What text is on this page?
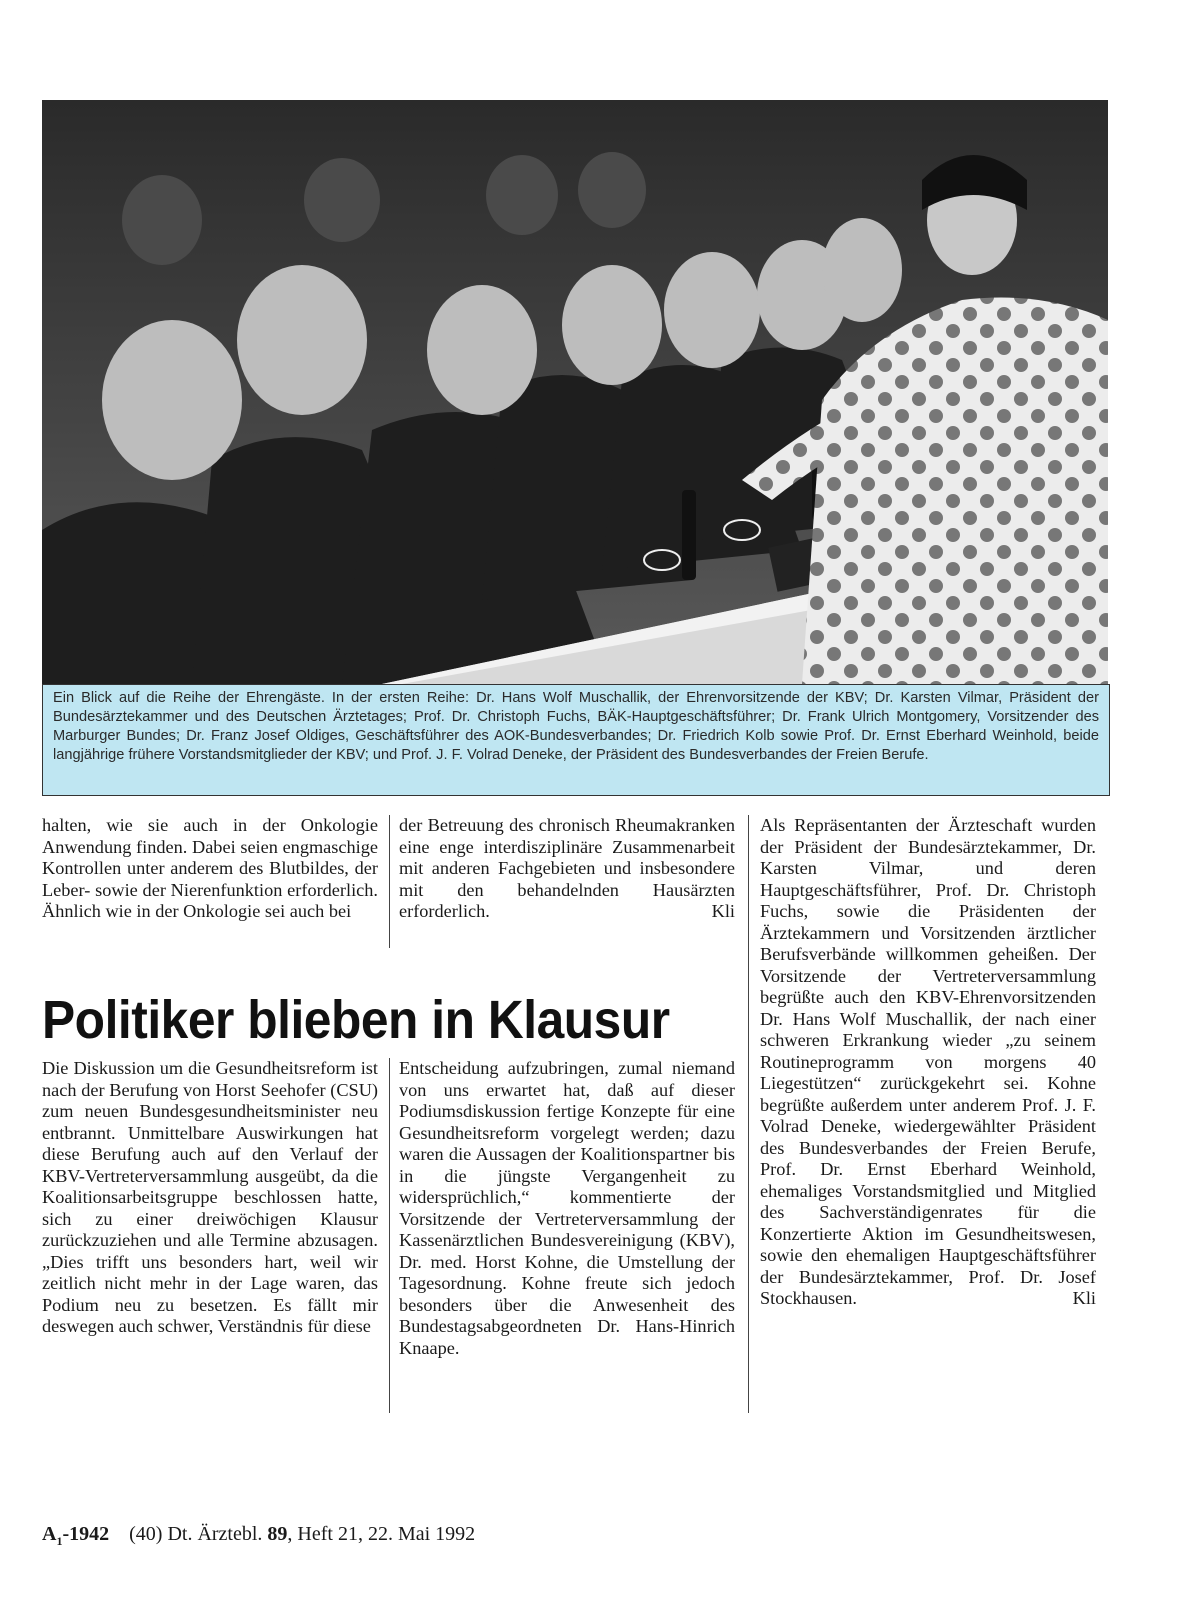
Ein Blick auf die Reihe der Ehrengäste. In der ersten Reihe: Dr. Hans Wolf Muschallik, der Ehrenvorsitzende der KBV; Dr. Karsten Vilmar, Präsident der Bundesärztekammer und des Deutschen Ärztetages; Prof. Dr. Christoph Fuchs, BÄK-Hauptgeschäftsführer; Dr. Frank Ulrich Montgomery, Vorsitzender des Marburger Bundes; Dr. Franz Josef Oldiges, Geschäftsführer des AOK-Bundesverbandes; Dr. Friedrich Kolb sowie Prof. Dr. Ernst Eberhard Weinhold, beide langjährige frühere Vorstandsmitglieder der KBV; und Prof. J. F. Volrad Deneke, der Präsident des Bundesverbandes der Freien Berufe.
halten, wie sie auch in der Onkologie Anwendung finden. Dabei seien engmaschige Kontrollen unter anderem des Blutbildes, der Leber- sowie der Nierenfunktion erforderlich. Ähnlich wie in der Onkologie sei auch bei
der Betreuung des chronisch Rheumakranken eine enge interdisziplinäre Zusammenarbeit mit anderen Fachgebieten und insbesondere mit den behandelnden Hausärzten erforderlich.	Kli
Politiker blieben in Klausur
Die Diskussion um die Gesundheitsreform ist nach der Berufung von Horst Seehofer (CSU) zum neuen Bundesgesundheitsminister neu entbrannt. Unmittelbare Auswirkungen hat diese Berufung auch auf den Verlauf der KBV-Vertreterversammlung ausgeübt, da die Koalitionsarbeitsgruppe beschlossen hatte, sich zu einer dreiwöchigen Klausur zurückzuziehen und alle Termine abzusagen. „Dies trifft uns besonders hart, weil wir zeitlich nicht mehr in der Lage waren, das Podium neu zu besetzen. Es fällt mir deswegen auch schwer, Verständnis für diese
Entscheidung aufzubringen, zumal niemand von uns erwartet hat, daß auf dieser Podiumsdiskussion fertige Konzepte für eine Gesundheitsreform vorgelegt werden; dazu waren die Aussagen der Koalitionspartner bis in die jüngste Vergangenheit zu widersprüchlich,“ kommentierte der Vorsitzende der Vertreterversammlung der Kassenärztlichen Bundesvereinigung (KBV), Dr. med. Horst Kohne, die Umstellung der Tagesordnung. Kohne freute sich jedoch besonders über die Anwesenheit des Bundestagsabgeordneten Dr. Hans-Hinrich Knaape.
Als Repräsentanten der Ärzteschaft wurden der Präsident der Bundesärztekammer, Dr. Karsten Vilmar, und deren Hauptgeschäftsführer, Prof. Dr. Christoph Fuchs, sowie die Präsidenten der Ärztekammern und Vorsitzenden ärztlicher Berufsverbände willkommen geheißen. Der Vorsitzende der Vertreterversammlung begrüßte auch den KBV-Ehrenvorsitzenden Dr. Hans Wolf Muschallik, der nach einer schweren Erkrankung wieder „zu seinem Routineprogramm von morgens 40 Liegestützen“ zurückgekehrt sei. Kohne begrüßte außerdem unter anderem Prof. J. F. Volrad Deneke, wiedergewählter Präsident des Bundesverbandes der Freien Berufe, Prof. Dr. Ernst Eberhard Weinhold, ehemaliges Vorstandsmitglied und Mitglied des Sachverständigenrates für die Konzertierte Aktion im Gesundheitswesen, sowie den ehemaligen Hauptgeschäftsführer der Bundesärztekammer, Prof. Dr. Josef Stockhausen.	Kli
$A_1-1942$ (40) Dt. Ärztebl. 89, Heft 21, 22. Mai 1992
